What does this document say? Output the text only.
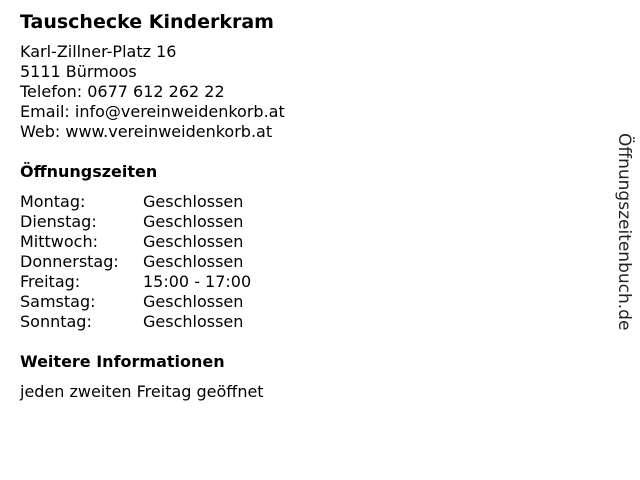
Tauschecke Kinderkram
Karl-Zillner-Platz 16
5111 Bürmoos
Telefon: 0677 612 262 22
Email: info@vereinweidenkorb.at
Web: www.vereinweidenkorb.at
Öffnungszeiten
Montag:	Geschlossen
Dienstag:	Geschlossen
Mittwoch:	Geschlossen
Donnerstag:	Geschlossen
Freitag:	15:00 - 17:00
Samstag:	Geschlossen
Sonntag:	Geschlossen
Weitere Informationen
jeden zweiten Freitag geöffnet
Öffnungszeitenbuch.de
